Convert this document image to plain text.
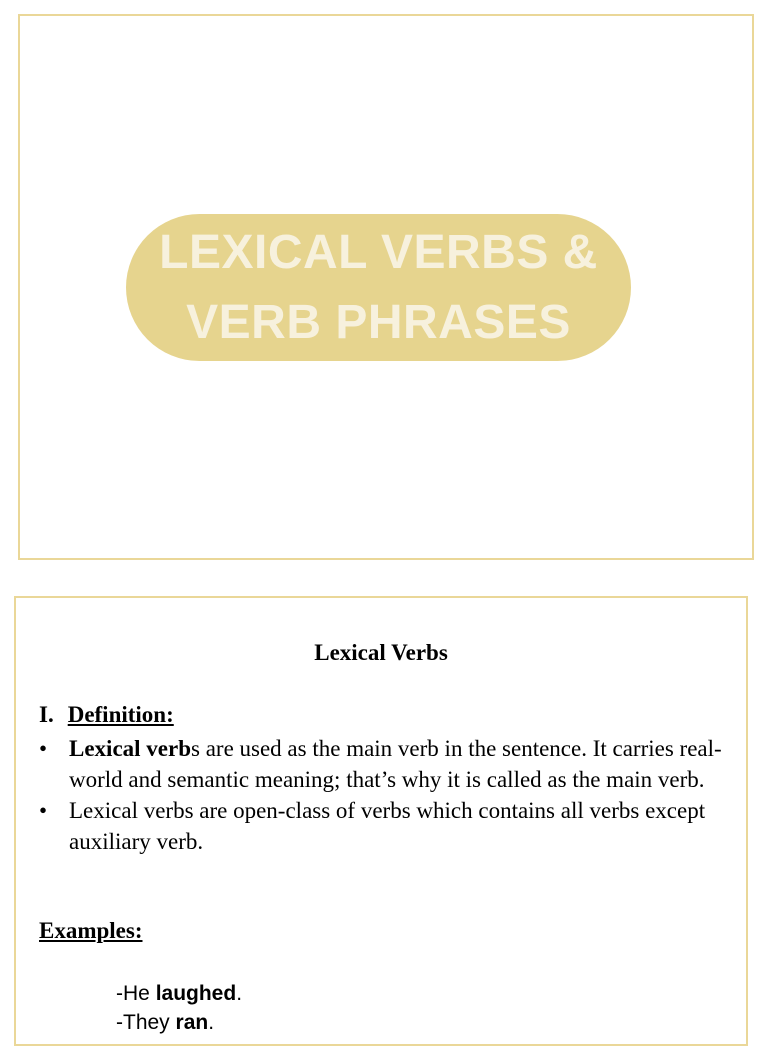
LEXICAL VERBS &
VERB PHRASES
Lexical Verbs
I. Definition:
• Lexical verbs are used as the main verb in the sentence. It carries real-world and semantic meaning; that’s why it is called as the main verb.
• Lexical verbs are open-class of verbs which contains all verbs except auxiliary verb.
Examples:
-He laughed.
-They ran.
